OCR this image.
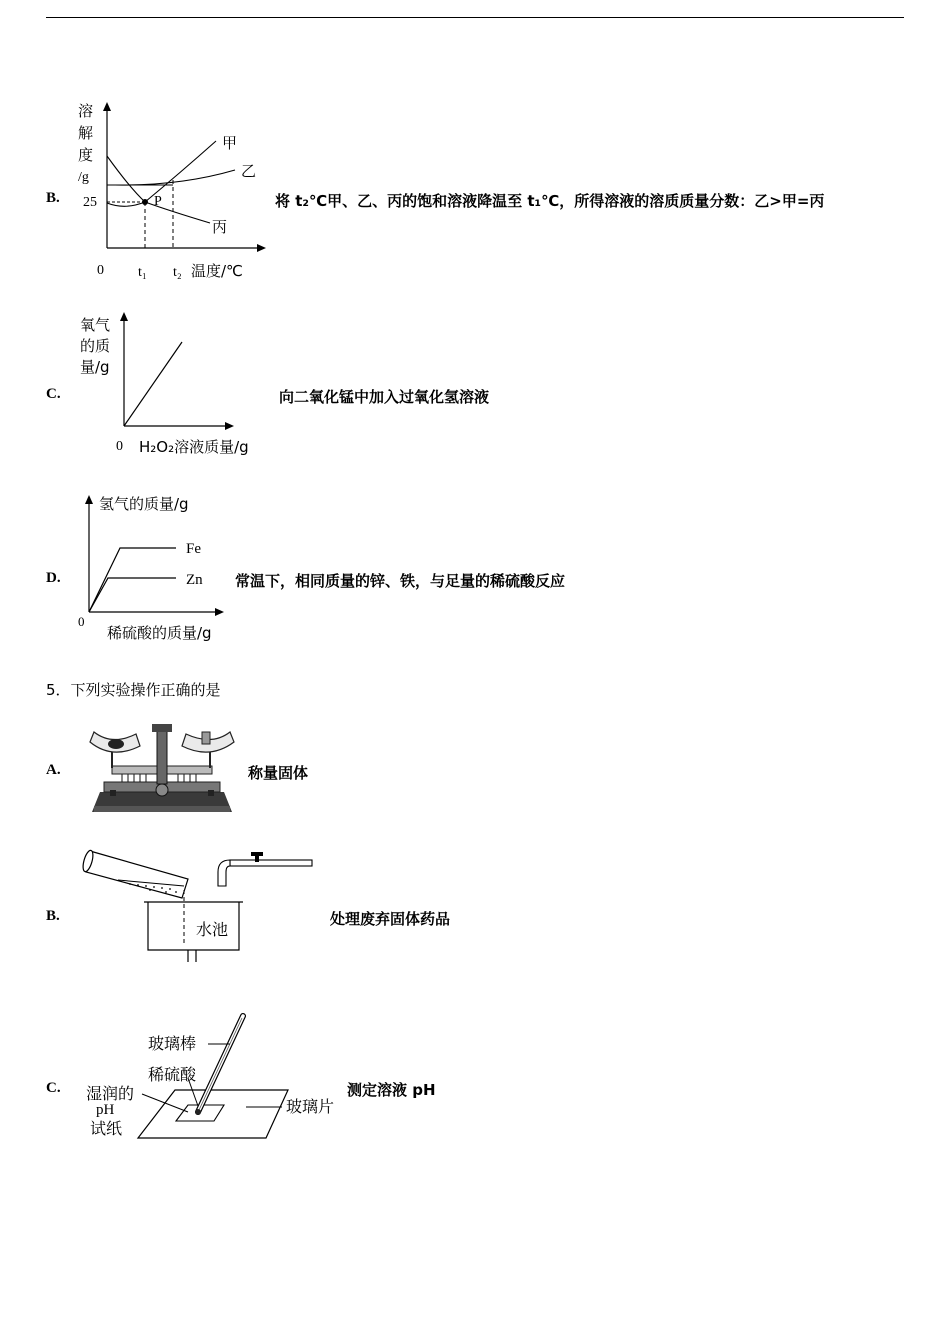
B.
溶
解
度
/g
P
25
0 t₁ t₂ 温度/℃
甲
乙
丙
将 t₂℃甲、乙、丙的饱和溶液降温至 t₁℃，所得溶液的溶质质量分数：乙>甲=丙
C.
氧气
的质
量/g
0 H₂O₂溶液质量/g
向二氧化锰中加入过氧化氢溶液
D.
氢气的质量/g
Fe
Zn
0
稀硫酸的质量/g
常温下，相同质量的锌、铁，与足量的稀硫酸反应
5．下列实验操作正确的是
A.	称量固体
B.
水池
处理废弃固体药品
C.
玻璃棒
稀硫酸
湿润的
pH
试纸
玻璃片
测定溶液 pH
